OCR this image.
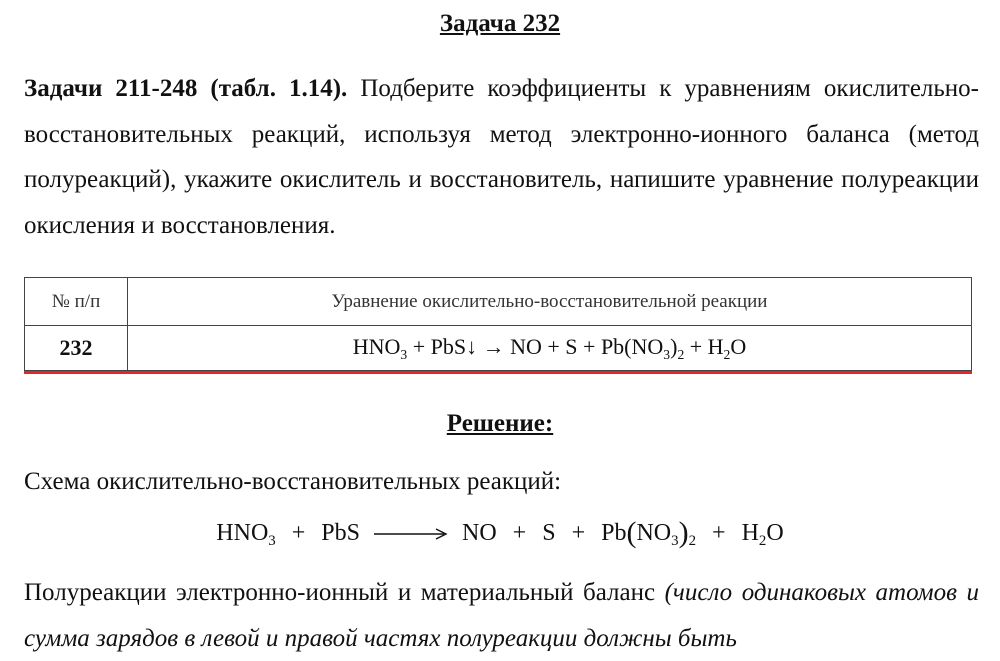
Задача 232
Задачи 211-248 (табл. 1.14). Подберите коэффициенты к уравнениям окислительно-восстановительных реакций, используя метод электронно-ионного баланса (метод полуреакций), укажите окислитель и восстановитель, напишите уравнение полуреакции окисления и восстановления.
№ п/п	Уравнение окислительно-восстановительной реакции
232	$HNO_3$ + PbS↓ → NO + $S + Pb(NO_3)_2 + H_2O$
Решение:
Схема окислительно-восстановительных реакций:
$HNO_3$ + PbS → NO + $S + Pb(NO_3)_2 + H_2O$
Полуреакции электронно-ионный и материальный баланс (число одинаковых атомов и сумма зарядов в левой и правой частях полуреакции должны быть
